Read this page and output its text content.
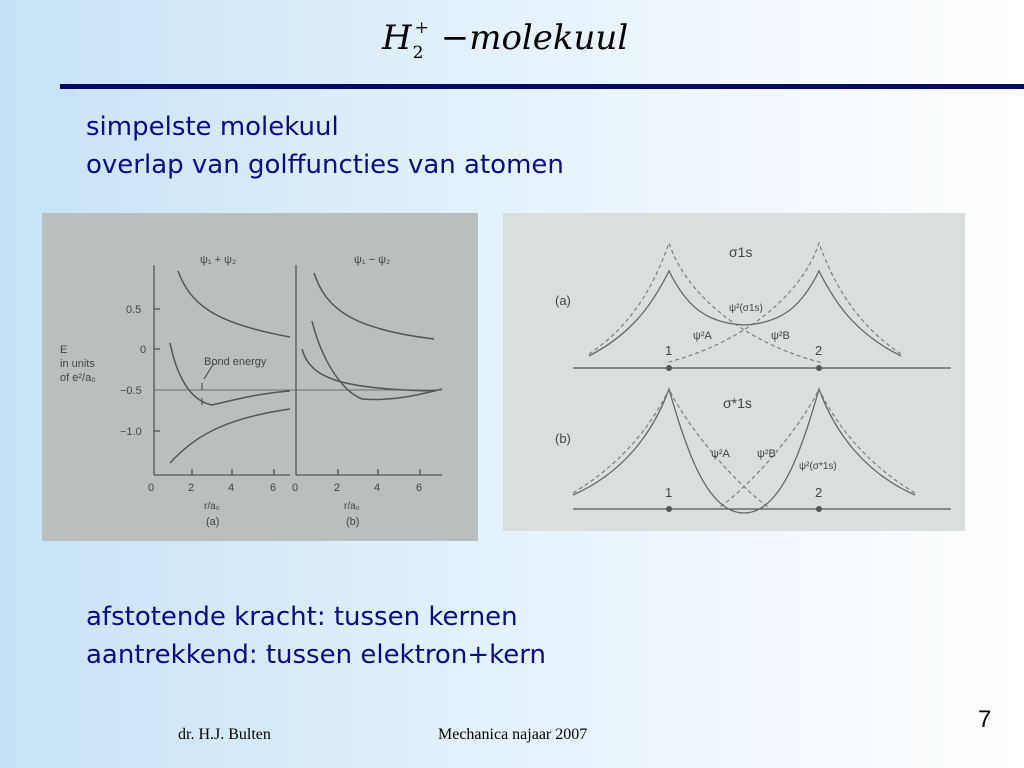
$H_2^+$ −molekuul
simpelste molekuul
overlap van golffuncties van atomen
ψ₁ + ψ₂	ψ₁ − ψ₂
E
in units
of e²/a₀
0.5
0
−0.5
−1.0
0	2	4	6 0	2	4	6
r/a₀	r/a₀
(a)	(b)
Bond energy
σ1s
σ*1s
(a)
(b)
ψ²(σ1s)
ψ²(σ*1s)
ψ²A	ψ²B
ψ²A ψ²B
1	2
1	2
afstotende kracht: tussen kernen
aantrekkend: tussen elektron+kern
dr. H.J. Bulten	Mechanica najaar 2007
7
